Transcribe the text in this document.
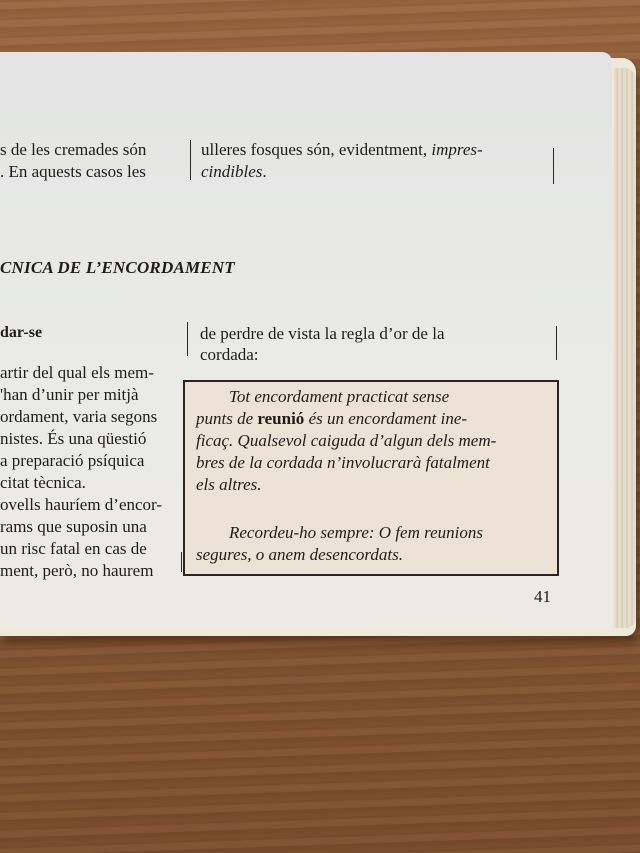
s de les cremades són
. En aquests casos les
ulleres fosques són, evidentment, impres-
cindibles.
CNICA DE L’ENCORDAMENT
dar-se	de perdre de vista la regla d’or de la
cordada:
artir del qual els mem-
'han d’unir per mitjà
ordament, varia segons
nistes. És una qüestió
a preparació psíquica
citat tècnica.
ovells hauríem d’encor-
rams que suposin una
un risc fatal en cas de
ment, però, no haurem
Tot encordament practicat sense
punts de reunió és un encordament ine-
ficaç. Qualsevol caiguda d’algun dels mem-
bres de la cordada n’involucrarà fatalment
els altres.
Recordeu-ho sempre: O fem reunions
segures, o anem desencordats.
41
